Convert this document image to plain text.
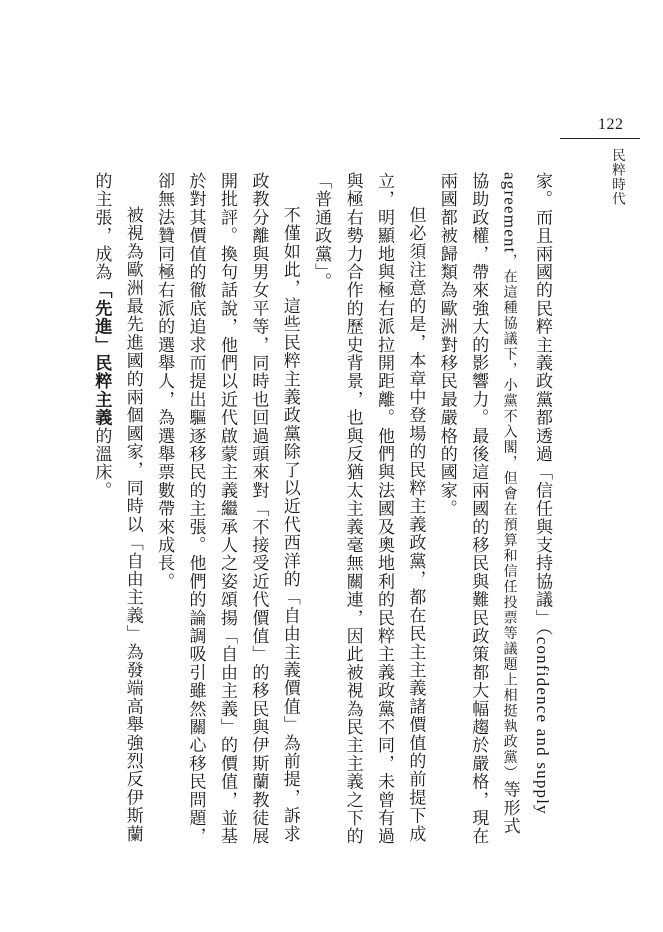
122
民粹時代

家。而且兩國的民粹主義政黨都透過「信任與支持協議」（confidence and supply agreement，在這種協議下，小黨不入閣，但會在預算和信任投票等議題上相挺執政黨）等形式協助政權，帶來強大的影響力。最後這兩國的移民與難民政策都大幅趨於嚴格，現在兩國都被歸類為歐洲對移民最嚴格的國家。

但必須注意的是，本章中登場的民粹主義政黨，都在民主主義諸價值的前提下成立，明顯地與極右派拉開距離。他們與法國及奧地利的民粹主義政黨不同，未曾有過與極右勢力合作的歷史背景，也與反猶太主義毫無關連，因此被視為民主主義之下的「普通政黨」。

不僅如此，這些民粹主義政黨除了以近代西洋的「自由主義價值」為前提，訴求政教分離與男女平等，同時也回過頭來對「不接受近代價值」的移民與伊斯蘭教徒展開批評。換句話說，他們以近代啟蒙主義繼承人之姿頌揚「自由主義」的價值，並基於對其價值的徹底追求而提出驅逐移民的主張。他們的論調吸引雖然關心移民問題，卻無法贊同極右派的選舉人，為選舉票數帶來成長。

被視為歐洲最先進國的兩個國家，同時以「自由主義」為發端高舉強烈反伊斯蘭的主張，成為「先進」民粹主義的溫床。
